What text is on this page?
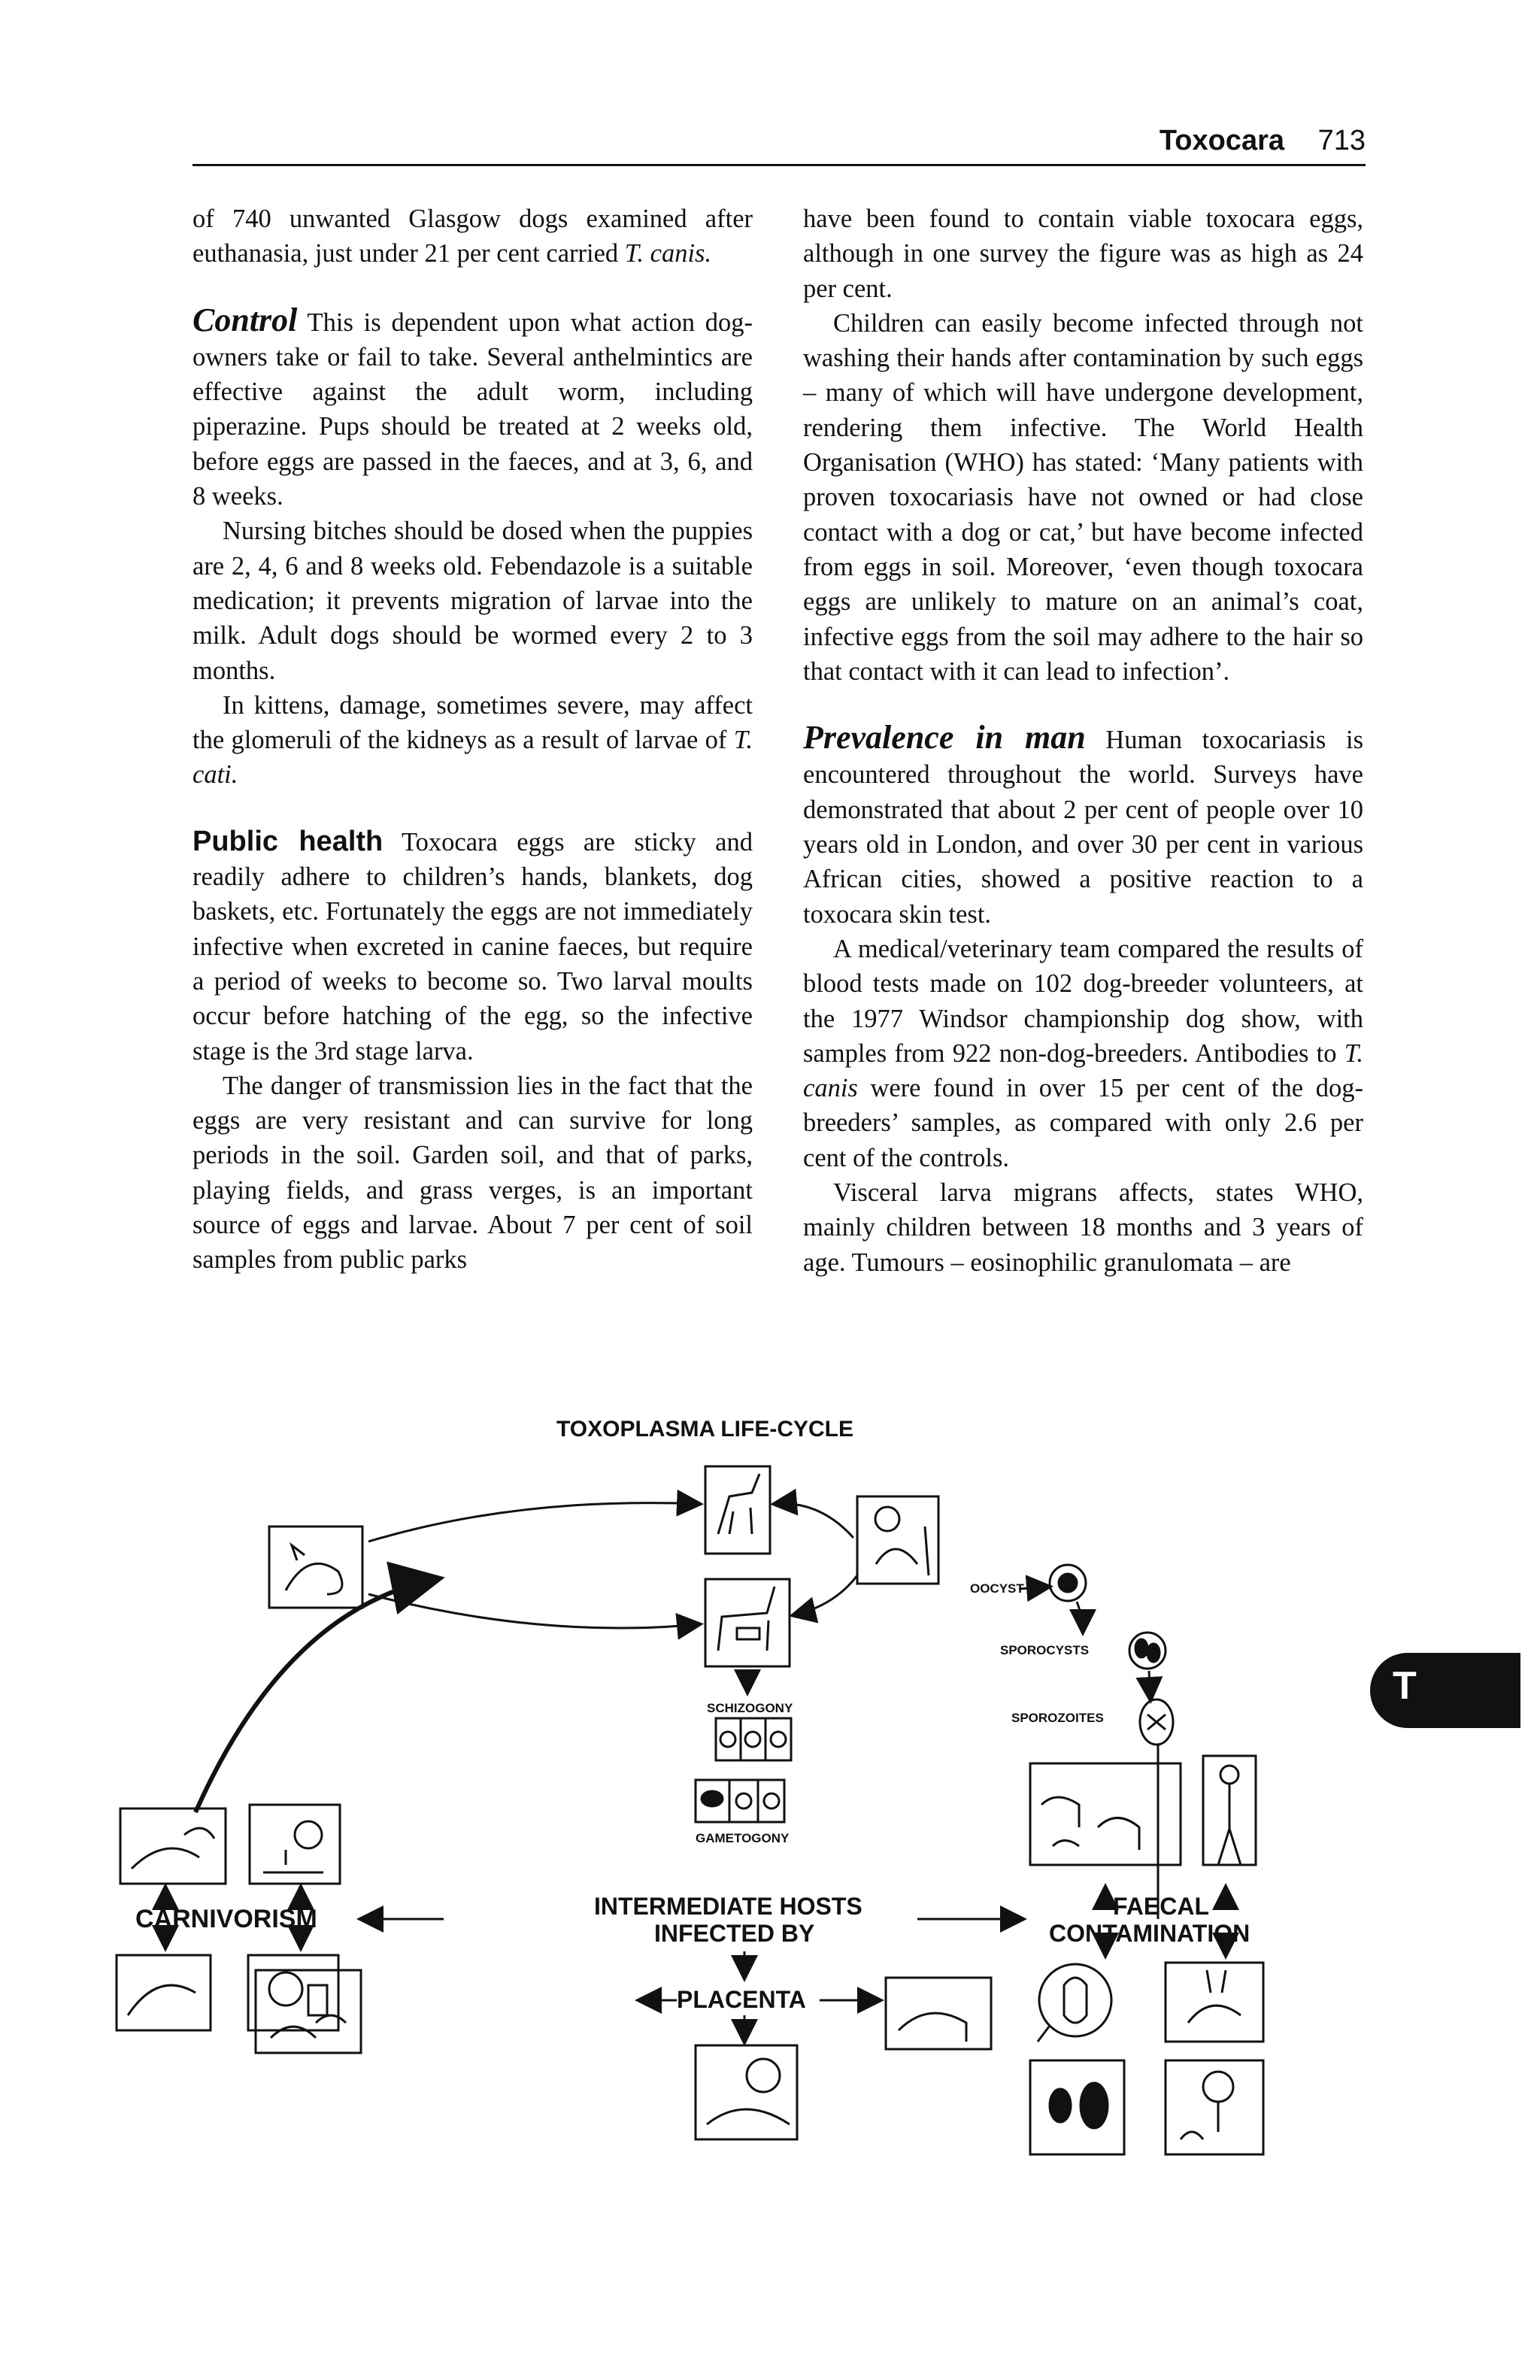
Toxocara 713

of 740 unwanted Glasgow dogs examined after euthanasia, just under 21 per cent carried T. canis.

Control This is dependent upon what action dog-owners take or fail to take. Several anthelmintics are effective against the adult worm, including piperazine. Pups should be treated at 2 weeks old, before eggs are passed in the faeces, and at 3, 6, and 8 weeks.

Nursing bitches should be dosed when the puppies are 2, 4, 6 and 8 weeks old. Febendazole is a suitable medication; it prevents migration of larvae into the milk. Adult dogs should be wormed every 2 to 3 months.

In kittens, damage, sometimes severe, may affect the glomeruli of the kidneys as a result of larvae of T. cati.

Public health Toxocara eggs are sticky and readily adhere to children’s hands, blankets, dog baskets, etc. Fortunately the eggs are not immediately infective when excreted in canine faeces, but require a period of weeks to become so. Two larval moults occur before hatching of the egg, so the infective stage is the 3rd stage larva.

The danger of transmission lies in the fact that the eggs are very resistant and can survive for long periods in the soil. Garden soil, and that of parks, playing fields, and grass verges, is an important source of eggs and larvae. About 7 per cent of soil samples from public parks

have been found to contain viable toxocara eggs, although in one survey the figure was as high as 24 per cent.

Children can easily become infected through not washing their hands after contamination by such eggs – many of which will have undergone development, rendering them infective. The World Health Organisation (WHO) has stated: ‘Many patients with proven toxocariasis have not owned or had close contact with a dog or cat,’ but have become infected from eggs in soil. Moreover, ‘even though toxocara eggs are unlikely to mature on an animal’s coat, infective eggs from the soil may adhere to the hair so that contact with it can lead to infection’.

Prevalence in man Human toxocariasis is encountered throughout the world. Surveys have demonstrated that about 2 per cent of people over 10 years old in London, and over 30 per cent in various African cities, showed a positive reaction to a toxocara skin test.

A medical/veterinary team compared the results of blood tests made on 102 dog-breeder volunteers, at the 1977 Windsor championship dog show, with samples from 922 non-dog-breeders. Antibodies to T. canis were found in over 15 per cent of the dog-breeders’ samples, as compared with only 2.6 per cent of the controls.

Visceral larva migrans affects, states WHO, mainly children between 18 months and 3 years of age. Tumours – eosinophilic granulomata – are

T
TOXOPLASMA LIFE-CYCLE
OOCYST
SPOROCYSTS
SPOROZOITES
SCHIZOGONY
GAMETOGONY
CARNIVORISM	INTERMEDIATE HOSTS
INFECTED BY
FAECAL
CONTAMINATION
PLACENTA
